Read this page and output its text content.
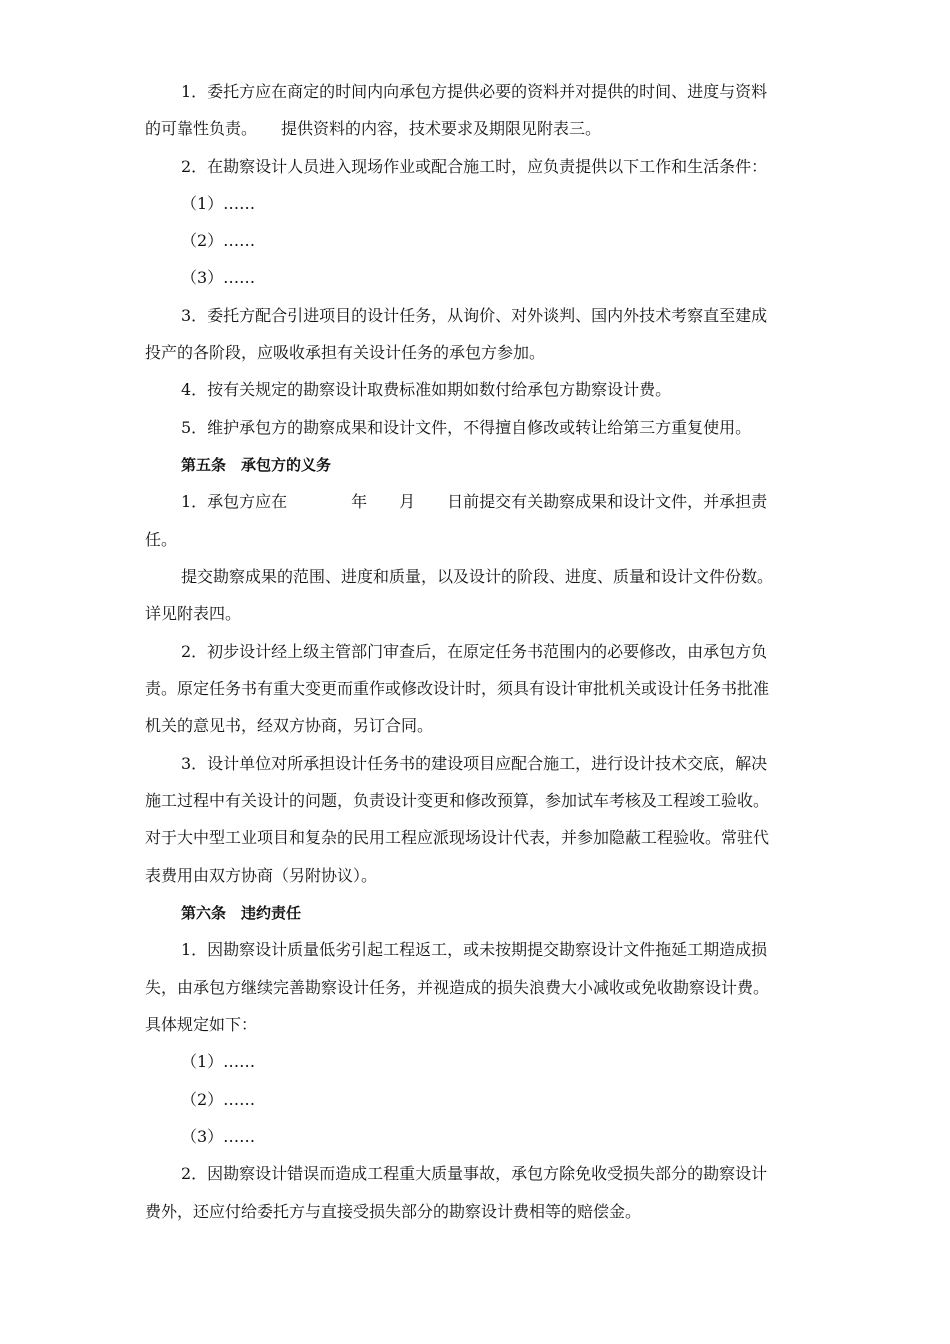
1．委托方应在商定的时间内向承包方提供必要的资料并对提供的时间、进度与资料
的可靠性负责。　　提供资料的内容，技术要求及期限见附表三。
2．在勘察设计人员进入现场作业或配合施工时，应负责提供以下工作和生活条件：
（1）……
（2）……
（3）……
3．委托方配合引进项目的设计任务，从询价、对外谈判、国内外技术考察直至建成
投产的各阶段，应吸收承担有关设计任务的承包方参加。
4．按有关规定的勘察设计取费标准如期如数付给承包方勘察设计费。
5．维护承包方的勘察成果和设计文件，不得擅自修改或转让给第三方重复使用。
第五条　承包方的义务
1．承包方应在　　　　年　　月　　日前提交有关勘察成果和设计文件，并承担责
任。
提交勘察成果的范围、进度和质量，以及设计的阶段、进度、质量和设计文件份数。
详见附表四。
2．初步设计经上级主管部门审查后，在原定任务书范围内的必要修改，由承包方负
责。原定任务书有重大变更而重作或修改设计时，须具有设计审批机关或设计任务书批准
机关的意见书，经双方协商，另订合同。
3．设计单位对所承担设计任务书的建设项目应配合施工，进行设计技术交底，解决
施工过程中有关设计的问题，负责设计变更和修改预算，参加试车考核及工程竣工验收。
对于大中型工业项目和复杂的民用工程应派现场设计代表，并参加隐蔽工程验收。常驻代
表费用由双方协商（另附协议）。
第六条　违约责任
1．因勘察设计质量低劣引起工程返工，或未按期提交勘察设计文件拖延工期造成损
失，由承包方继续完善勘察设计任务，并视造成的损失浪费大小减收或免收勘察设计费。
具体规定如下：
（1）……
（2）……
（3）……
2．因勘察设计错误而造成工程重大质量事故，承包方除免收受损失部分的勘察设计
费外，还应付给委托方与直接受损失部分的勘察设计费相等的赔偿金。
